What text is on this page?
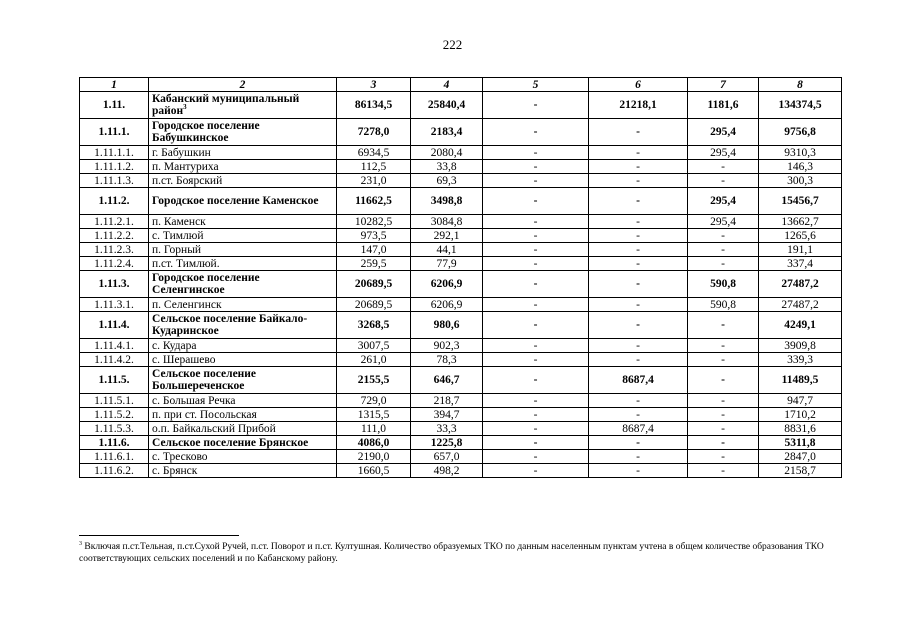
222
1	2	3	4	5	6	7	8
1.11.	Кабанский муниципальный район$^3$	86134,5	25840,4	-	21218,1	1181,6	134374,5
1.11.1.	Городское поселение Бабушкинское	7278,0	2183,4	-	-	295,4	9756,8
1.11.1.1.	г. Бабушкин	6934,5	2080,4	-	-	295,4	9310,3
1.11.1.2.	п. Мантуриха	112,5	33,8	-	-	-	146,3
1.11.1.3.	п.ст. Боярский	231,0	69,3	-	-	-	300,3
1.11.2.	Городское поселение Каменское	11662,5	3498,8	-	-	295,4	15456,7
1.11.2.1.	п. Каменск	10282,5	3084,8	-	-	295,4	13662,7
1.11.2.2.	с. Тимлюй	973,5	292,1	-	-	-	1265,6
1.11.2.3.	п. Горный	147,0	44,1	-	-	-	191,1
1.11.2.4.	п.ст. Тимлюй.	259,5	77,9	-	-	-	337,4
1.11.3.	Городское поселение Селенгинское	20689,5	6206,9	-	-	590,8	27487,2
1.11.3.1.	п. Селенгинск	20689,5	6206,9	-	-	590,8	27487,2
1.11.4.	Сельское поселение Байкало-Кударинское	3268,5	980,6	-	-	-	4249,1
1.11.4.1.	с. Кудара	3007,5	902,3	-	-	-	3909,8
1.11.4.2.	с. Шерашево	261,0	78,3	-	-	-	339,3
1.11.5.	Сельское поселение Большереченское	2155,5	646,7	-	8687,4	-	11489,5
1.11.5.1.	с. Большая Речка	729,0	218,7	-	-	-	947,7
1.11.5.2.	п. при ст. Посольская	1315,5	394,7	-	-	-	1710,2
1.11.5.3.	о.п. Байкальский Прибой	111,0	33,3	-	8687,4	-	8831,6
1.11.6.	Сельское поселение Брянское	4086,0	1225,8	-	-	-	5311,8
1.11.6.1.	с. Тресково	2190,0	657,0	-	-	-	2847,0
1.11.6.2.	с. Брянск	1660,5	498,2	-	-	-	2158,7
$^3$ Включая п.ст.Тельная, п.ст.Сухой Ручей, п.ст. Поворот и п.ст. Култушная. Количество образуемых ТКО по данным населенным пунктам учтена в общем количестве образования ТКО соответствующих сельских поселений и по Кабанскому району.
